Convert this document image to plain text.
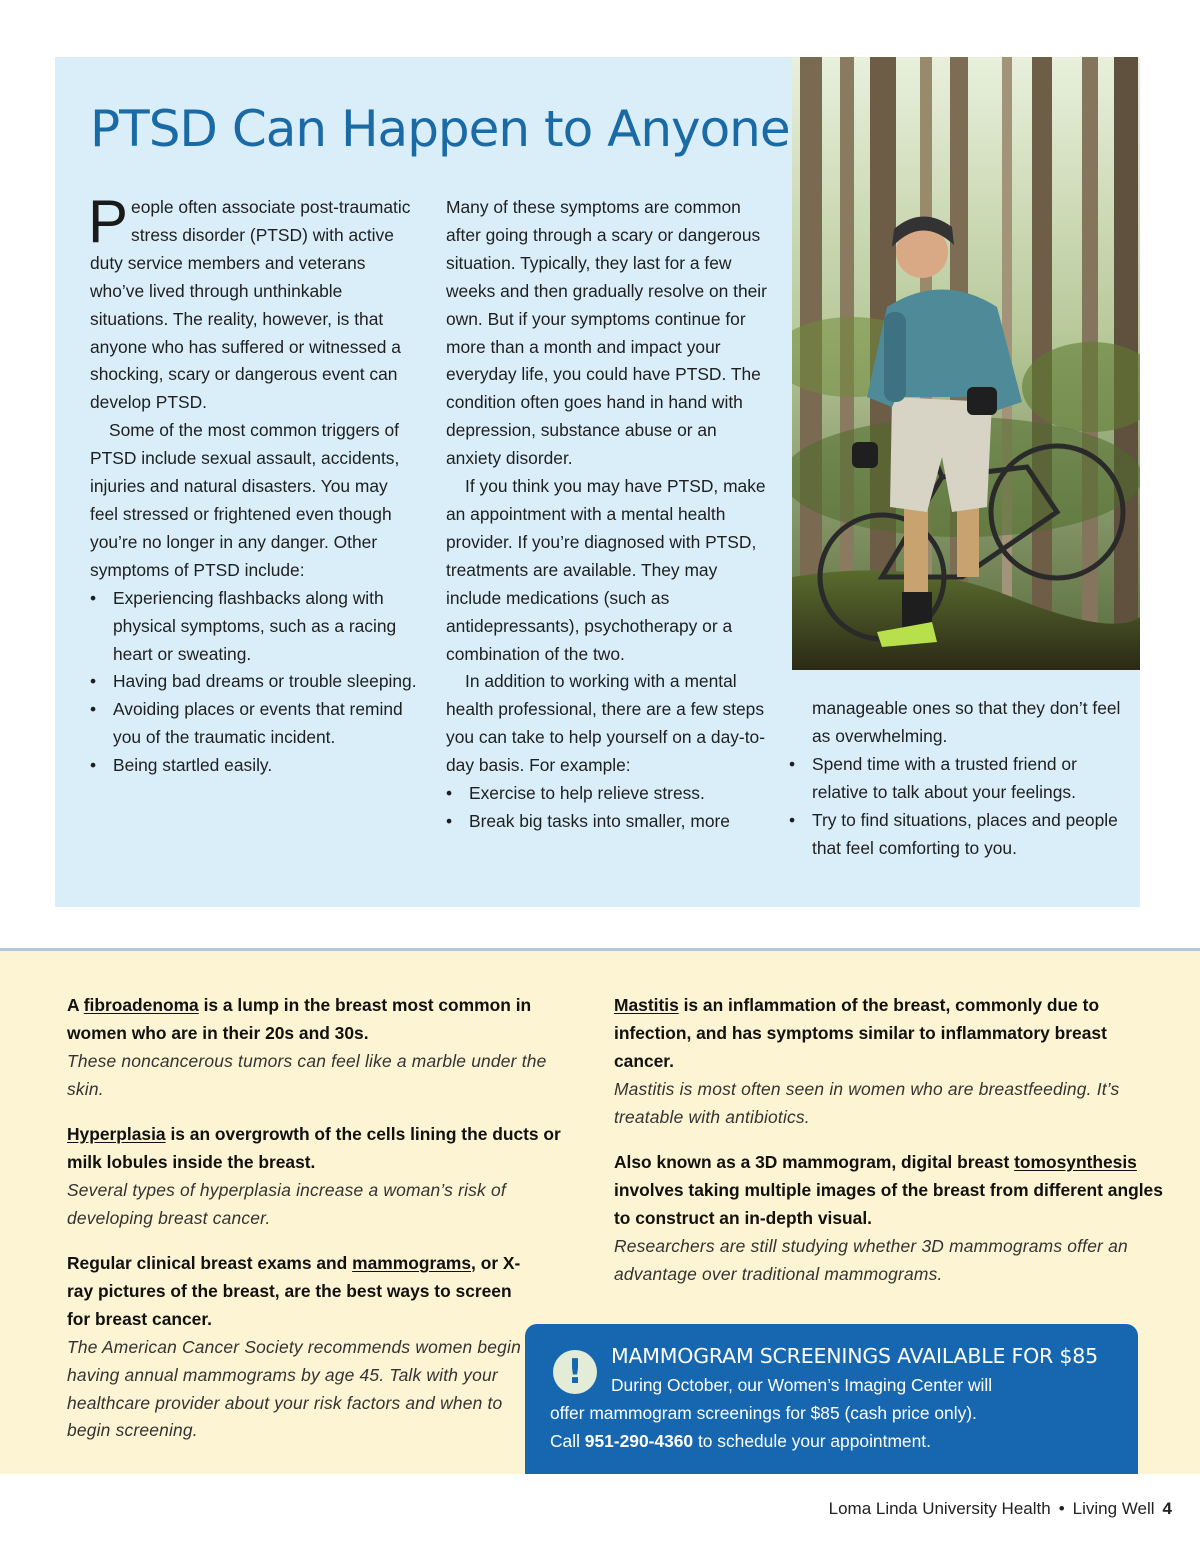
PTSD Can Happen to Anyone

People often associate post-traumatic stress disorder (PTSD) with active duty service members and veterans who’ve lived through unthinkable situations. The reality, however, is that anyone who has suffered or witnessed a shocking, scary or dangerous event can develop PTSD.

Some of the most common triggers of PTSD include sexual assault, accidents, injuries and natural disasters. You may feel stressed or frightened even though you’re no longer in any danger. Other symptoms of PTSD include:

• Experiencing flashbacks along with physical symptoms, such as a racing heart or sweating.
• Having bad dreams or trouble sleeping.
• Avoiding places or events that remind you of the traumatic incident.
• Being startled easily.

Many of these symptoms are common after going through a scary or dangerous situation. Typically, they last for a few weeks and then gradually resolve on their own. But if your symptoms continue for more than a month and impact your everyday life, you could have PTSD. The condition often goes hand in hand with depression, substance abuse or an anxiety disorder.

If you think you may have PTSD, make an appointment with a mental health provider. If you’re diagnosed with PTSD, treatments are available. They may include medications (such as antidepressants), psychotherapy or a combination of the two.

In addition to working with a mental health professional, there are a few steps you can take to help yourself on a day-to-day basis. For example:

• Exercise to help relieve stress.
• Break big tasks into smaller, more

manageable ones so that they don’t feel as overwhelming.

• Spend time with a trusted friend or relative to talk about your feelings.
• Try to find situations, places and people that feel comforting to you.
A fibroadenoma is a lump in the breast most common in women who are in their 20s and 30s.
These noncancerous tumors can feel like a marble under the skin.
Hyperplasia is an overgrowth of the cells lining the ducts or milk lobules inside the breast.
Several types of hyperplasia increase a woman’s risk of developing breast cancer.
Regular clinical breast exams and mammograms, or X-ray pictures of the breast, are the best ways to screen for breast cancer.
The American Cancer Society recommends women begin having annual mammograms by age 45. Talk with your healthcare provider about your risk factors and when to begin screening.
Mastitis is an inflammation of the breast, commonly due to infection, and has symptoms similar to inflammatory breast cancer.
Mastitis is most often seen in women who are breastfeeding. It’s treatable with antibiotics.
Also known as a 3D mammogram, digital breast tomosynthesis involves taking multiple images of the breast from different angles to construct an in-depth visual.
Researchers are still studying whether 3D mammograms offer an advantage over traditional mammograms.
!	MAMMOGRAM SCREENINGS AVAILABLE FOR $85
During October, our Women’s Imaging Center will
offer mammogram screenings for $85 (cash price only).
Call 951-290-4360 to schedule your appointment.
Loma Linda University Health • Living Well 4
